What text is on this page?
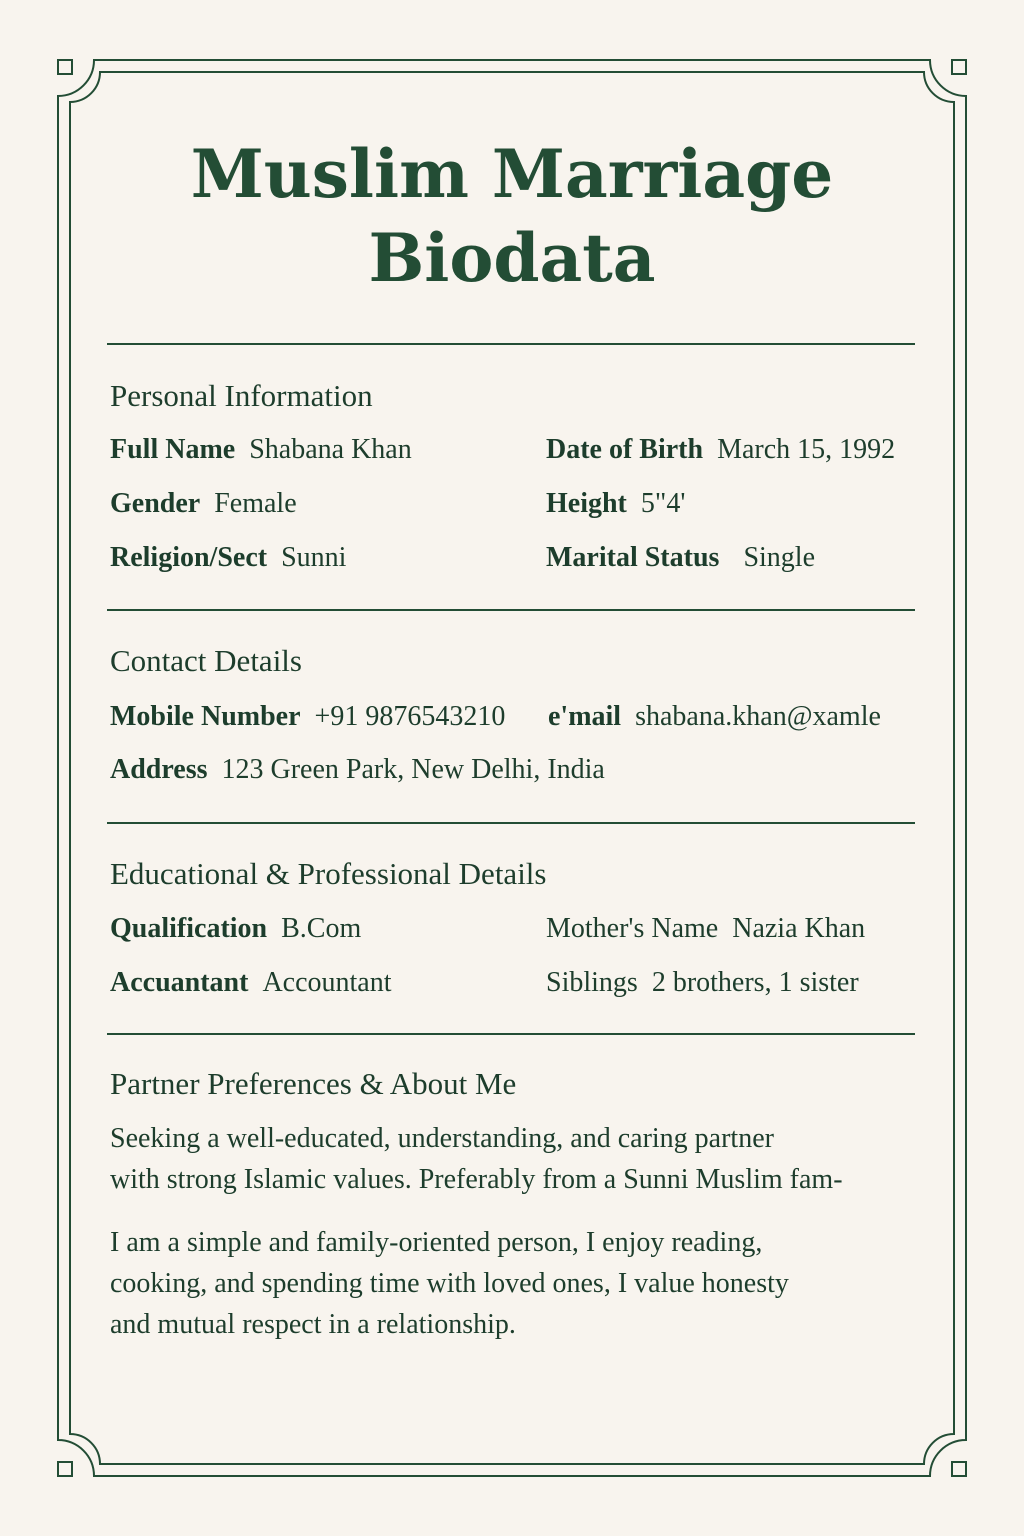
Muslim Marriage
Biodata
Personal Information
Full Name Shabana Khan	Date of Birth March 15, 1992
Gender Female	Height 5"4'
Religion/Sect Sunni	Marital Status Single
Contact Details
Mobile Number +91 9876543210 e'mail shabana.khan@xamle
Address 123 Green Park, New Delhi, India
Educational & Professional Details
Qualification B.Com	Mother's Name Nazia Khan
Accuantant Accountant	Siblings 2 brothers, 1 sister
Partner Preferences & About Me
Seeking a well-educated, understanding, and caring partner
with strong Islamic values. Preferably from a Sunni Muslim fam-
I am a simple and family-oriented person, I enjoy reading,
cooking, and spending time with loved ones, I value honesty
and mutual respect in a relationship.
